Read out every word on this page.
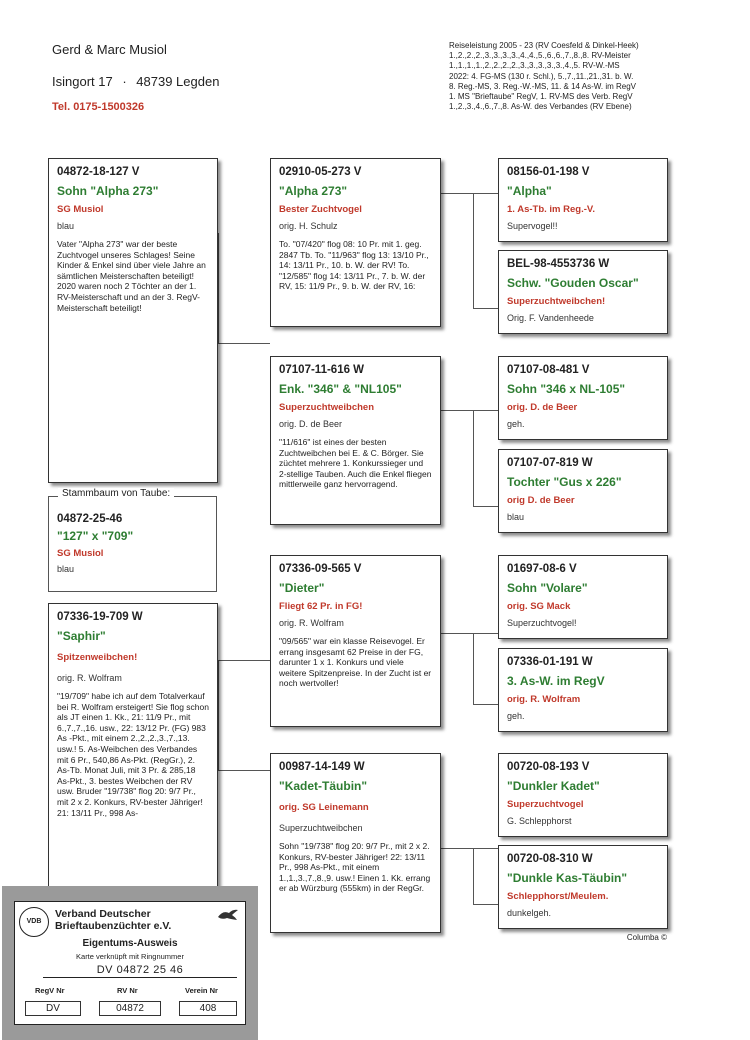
Gerd & Marc Musiol
Isingort 17 · 48739 Legden
Tel. 0175-1500326
Reiseleistung 2005 - 23 (RV Coesfeld & Dinkel-Heek)
1.,2.,2.,2.,3.,3.,3.,3.,4.,4.,5.,6.,6.,7.,8.,8. RV-Meister
1.,1.,1.,1.,2.,2.,2.,2.,3.,3.,3.,3.,3.,4.,5. RV-W.-MS
2022: 4. FG-MS (130 r. Schl.), 5.,7.,11.,21.,31. b. W.
8. Reg.-MS, 3. Reg.-W.-MS, 11. & 14 As-W. im RegV
1. MS "Brieftaube" RegV, 1. RV-MS des Verb. RegV
1.,2.,3.,4.,6.,7.,8. As-W. des Verbandes (RV Ebene)
04872-18-127 V
Sohn "Alpha 273"
SG Musiol
blau
Vater "Alpha 273" war der beste Zuchtvogel unseres Schlages! Seine Kinder & Enkel sind über viele Jahre an sämtlichen Meisterschaften beteiligt! 2020 waren noch 2 Töchter an der 1. RV-Meisterschaft und an der 3. RegV-Meisterschaft beteiligt!
04872-25-46
"127" x "709"
SG Musiol
blau
Stammbaum von Taube:
07336-19-709 W
"Saphir"
Spitzenweibchen!
orig. R. Wolfram
"19/709" habe ich auf dem Totalverkauf bei R. Wolfram ersteigert! Sie flog schon als JT einen 1. Kk., 21: 11/9 Pr., mit 6.,7.,7.,16. usw., 22: 13/12 Pr. (FG) 983 As -Pkt., mit einem 2.,2.,2.,3.,7.,13. usw.! 5. As-Weibchen des Verbandes mit 6 Pr., 540,86 As-Pkt. (RegGr.), 2. As-Tb. Monat Juli, mit 3 Pr. & 285,18 As-Pkt., 3. bestes Weibchen der RV usw. Bruder "19/738" flog 20: 9/7 Pr., mit 2 x 2. Konkurs, RV-bester Jähriger! 21: 13/11 Pr., 998 As-
02910-05-273 V
"Alpha 273"
Bester Zuchtvogel
orig. H. Schulz
To. "07/420" flog 08: 10 Pr. mit 1. geg. 2847 Tb. To. "11/963" flog 13: 13/10 Pr., 14: 13/11 Pr., 10. b. W. der RV! To. "12/585" flog 14: 13/11 Pr., 7. b. W. der RV, 15: 11/9 Pr., 9. b. W. der RV, 16:
07107-11-616 W
Enk. "346" & "NL105"
Superzuchtweibchen
orig. D. de Beer
"11/616" ist eines der besten Zuchtweibchen bei E. & C. Börger. Sie züchtet mehrere 1. Konkurssieger und 2-stellige Tauben. Auch die Enkel fliegen mittlerweile ganz hervorragend.
07336-09-565 V
"Dieter"
Fliegt 62 Pr. in FG!
orig. R. Wolfram
"09/565" war ein klasse Reisevogel. Er errang insgesamt 62 Preise in der FG, darunter 1 x 1. Konkurs und viele weitere Spitzenpreise. In der Zucht ist er noch wertvoller!
00987-14-149 W
"Kadet-Täubin"
orig. SG Leinemann
Superzuchtweibchen
Sohn "19/738" flog 20: 9/7 Pr., mit 2 x 2. Konkurs, RV-bester Jähriger! 22: 13/11 Pr., 998 As-Pkt., mit einem 1.,1.,3.,7.,8.,9. usw.! Einen 1. Kk. errang er ab Würzburg (555km) in der RegGr.
08156-01-198 V
"Alpha"
1. As-Tb. im Reg.-V.
Supervogel!!
BEL-98-4553736 W
Schw. "Gouden Oscar"
Superzuchtweibchen!
Orig. F. Vandenheede
07107-08-481 V
Sohn "346 x NL-105"
orig. D. de Beer
geh.
07107-07-819 W
Tochter "Gus x 226"
orig D. de Beer
blau
01697-08-6 V
Sohn "Volare"
orig. SG Mack
Superzuchtvogel!
07336-01-191 W
3. As-W. im RegV
orig. R. Wolfram
geh.
00720-08-193 V
"Dunkler Kadet"
Superzuchtvogel
G. Schlepphorst
00720-08-310 W
"Dunkle Kas-Täubin"
Schlepphorst/Meulem.
dunkelgeh.
Columba ©
VDB
Verband Deutscher
Brieftaubenzüchter e.V.
Eigentums-Ausweis
Karte verknüpft mit Ringnummer
DV 04872 25 46
RegV Nr	RV Nr	Verein Nr
DV	04872	408
